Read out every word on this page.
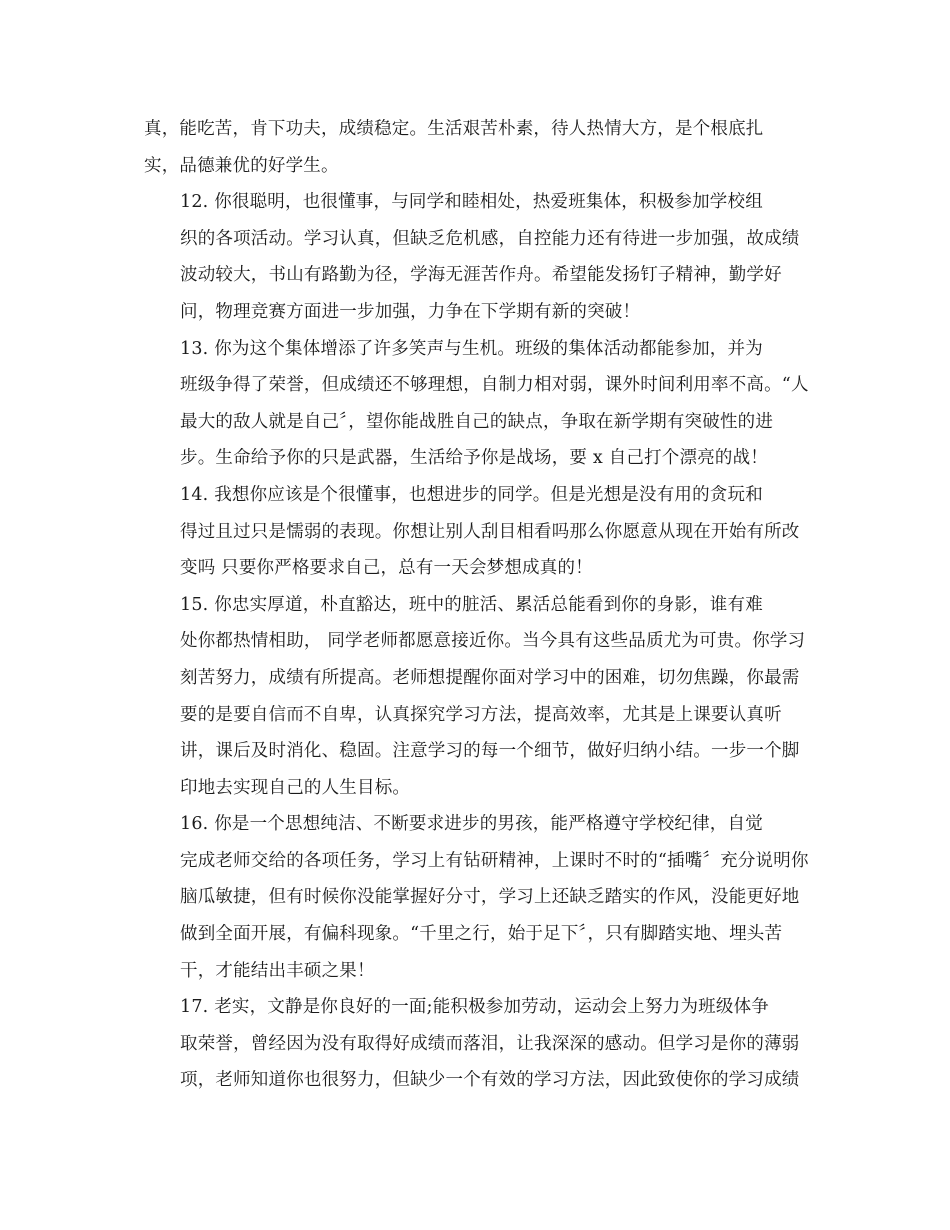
真，能吃苦，肯下功夫，成绩稳定。生活艰苦朴素，待人热情大方，是个根底扎
实，品德兼优的好学生。

12. 你很聪明，也很懂事，与同学和睦相处，热爱班集体，积极参加学校组
织的各项活动。学习认真，但缺乏危机感，自控能力还有待进一步加强，故成绩
波动较大，书山有路勤为径，学海无涯苦作舟。希望能发扬钉子精神，勤学好
问，物理竞赛方面进一步加强，力争在下学期有新的突破！

13. 你为这个集体增添了许多笑声与生机。班级的集体活动都能参加，并为
班级争得了荣誉，但成绩还不够理想，自制力相对弱，课外时间利用率不高。“人
最大的敌人就是自己〞，望你能战胜自己的缺点，争取在新学期有突破性的进
步。生命给予你的只是武器，生活给予你是战场，要 x 自己打个漂亮的战！

14. 我想你应该是个很懂事，也想进步的同学。但是光想是没有用的贪玩和
得过且过只是懦弱的表现。你想让别人刮目相看吗那么你愿意从现在开始有所改
变吗 只要你严格要求自己，总有一天会梦想成真的！

15. 你忠实厚道，朴直豁达，班中的脏活、累活总能看到你的身影，谁有难
处你都热情相助， 同学老师都愿意接近你。当今具有这些品质尤为可贵。你学习
刻苦努力，成绩有所提高。老师想提醒你面对学习中的困难，切勿焦躁，你最需
要的是要自信而不自卑，认真探究学习方法，提高效率，尤其是上课要认真听
讲，课后及时消化、稳固。注意学习的每一个细节，做好归纳小结。一步一个脚
印地去实现自己的人生目标。

16. 你是一个思想纯洁、不断要求进步的男孩，能严格遵守学校纪律，自觉
完成老师交给的各项任务，学习上有钻研精神，上课时不时的“插嘴〞充分说明你
脑瓜敏捷，但有时候你没能掌握好分寸，学习上还缺乏踏实的作风，没能更好地
做到全面开展，有偏科现象。“千里之行，始于足下〞，只有脚踏实地、埋头苦
干，才能结出丰硕之果！

17. 老实，文静是你良好的一面;能积极参加劳动，运动会上努力为班级体争
取荣誉，曾经因为没有取得好成绩而落泪，让我深深的感动。但学习是你的薄弱
项，老师知道你也很努力，但缺少一个有效的学习方法，因此致使你的学习成绩
